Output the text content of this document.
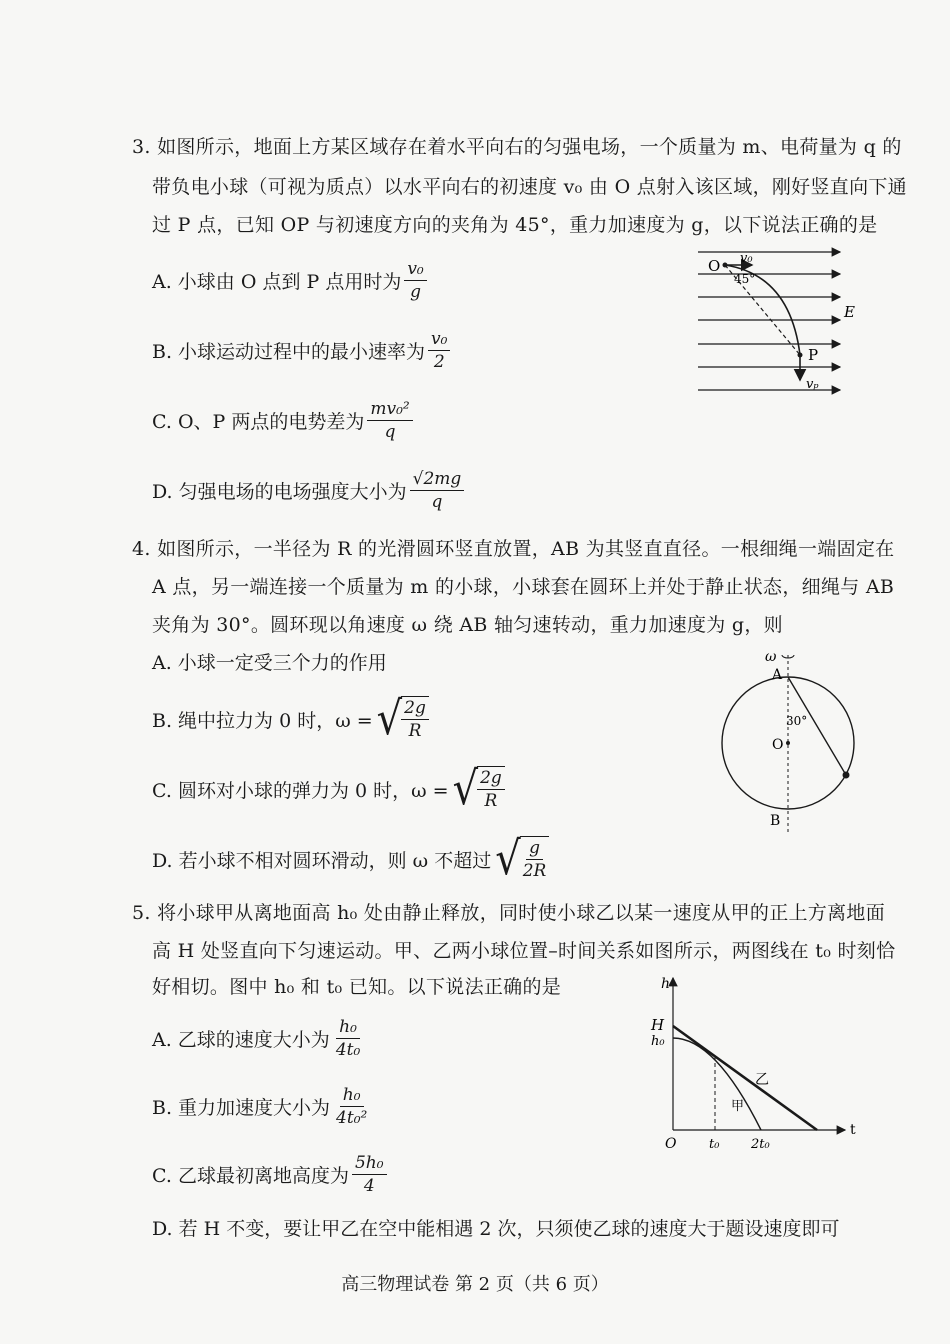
3. 如图所示，地面上方某区域存在着水平向右的匀强电场，一个质量为 m、电荷量为 q 的
带负电小球（可视为质点）以水平向右的初速度 v₀ 由 O 点射入该区域，刚好竖直向下通
过 P 点，已知 OP 与初速度方向的夹角为 45°，重力加速度为 g，以下说法正确的是
A. 小球由 O 点到 P 点用时为 $\frac{\text{v₀}}{g}$
B. 小球运动过程中的最小速率为 $\frac{\text{v₀}}{2}$
C. O、P 两点的电势差为 $\frac{\text{mv₀²}}{q}$
D. 匀强电场的电场强度大小为 $\frac{√2mg}{q}$
O v₀
45°
E
P
vₚ
4. 如图所示，一半径为 R 的光滑圆环竖直放置，AB 为其竖直直径。一根细绳一端固定在
A 点，另一端连接一个质量为 m 的小球，小球套在圆环上并处于静止状态，细绳与 AB
夹角为 30°。圆环现以角速度 ω 绕 AB 轴匀速转动，重力加速度为 g，则
A. 小球一定受三个力的作用
B. 绳中拉力为 0 时，ω = √ $\frac{2g}{R}$
C. 圆环对小球的弹力为 0 时，ω = √ $\frac{2g}{R}$
D. 若小球不相对圆环滑动，则 ω 不超过 √ $\frac{g}{2R}$
ω
A
O
B
30°
5. 将小球甲从离地面高 h₀ 处由静止释放，同时使小球乙以某一速度从甲的正上方离地面
高 H 处竖直向下匀速运动。甲、乙两小球位置–时间关系如图所示，两图线在 t₀ 时刻恰
好相切。图中 h₀ 和 t₀ 已知。以下说法正确的是
A. 乙球的速度大小为 $\frac{\text{h₀}}{\text{4t₀}}$
B. 重力加速度大小为 $\frac{\text{h₀}}{\text{4t₀²}}$
C. 乙球最初离地高度为 $\frac{\text{5h₀}}{4}$
D. 若 H 不变，要让甲乙在空中能相遇 2 次，只须使乙球的速度大于题设速度即可
h
t
H
h₀
O	t₀ 2t₀
乙
甲
高三物理试卷 第 2 页（共 6 页）
